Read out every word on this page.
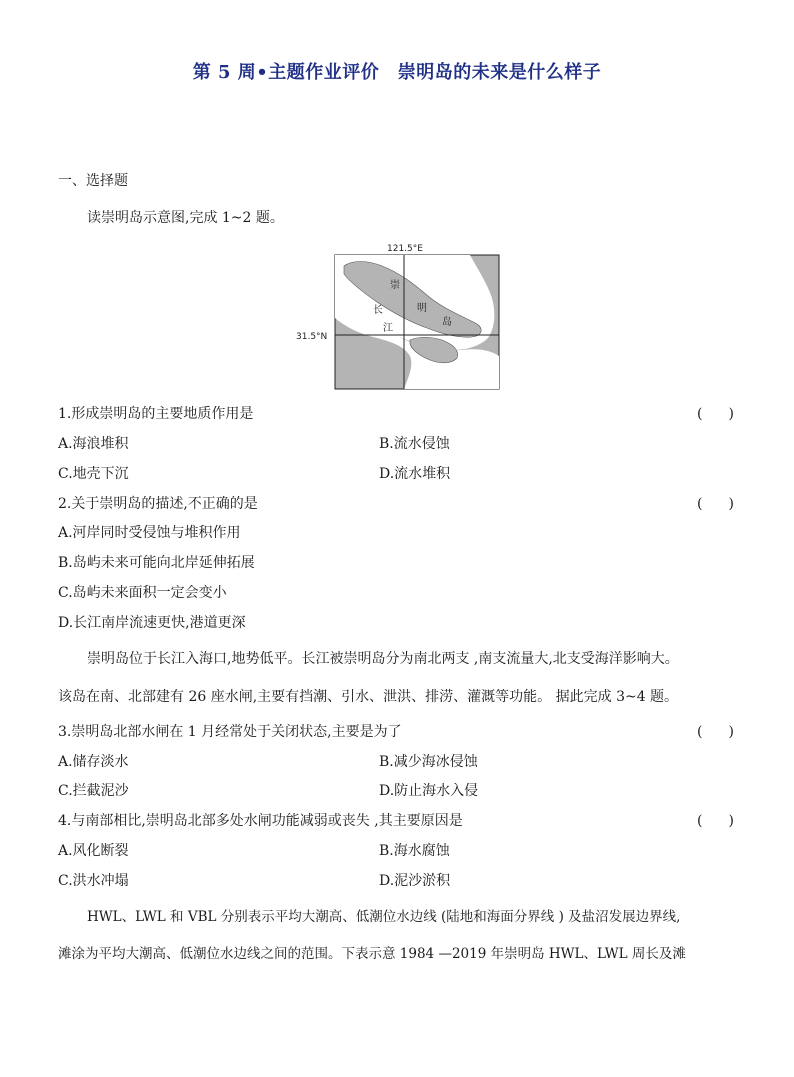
第 5 周•主题作业评价　崇明岛的未来是什么样子
一、选择题
读崇明岛示意图,完成 1~2 题。
121.5°E
31.5°N
崇
明
岛
长
江
1.形成崇明岛的主要地质作用是	(　)
A.海浪堆积	B.流水侵蚀
C.地壳下沉	D.流水堆积
2.关于崇明岛的描述,不正确的是	(　)
A.河岸同时受侵蚀与堆积作用
B.岛屿未来可能向北岸延伸拓展
C.岛屿未来面积一定会变小
D.长江南岸流速更快,港道更深
崇明岛位于长江入海口,地势低平。长江被崇明岛分为南北两支 ,南支流量大,北支受海洋影响大。
该岛在南、北部建有 26 座水闸,主要有挡潮、引水、泄洪、排涝、灌溉等功能。 据此完成 3~4 题。
3.崇明岛北部水闸在 1 月经常处于关闭状态,主要是为了	(　)
A.储存淡水	B.减少海冰侵蚀
C.拦截泥沙	D.防止海水入侵
4.与南部相比,崇明岛北部多处水闸功能减弱或丧失 ,其主要原因是	(　)
A.风化断裂	B.海水腐蚀
C.洪水冲塌	D.泥沙淤积
HWL、LWL 和 VBL 分别表示平均大潮高、低潮位水边线 (陆地和海面分界线 ) 及盐沼发展边界线,
滩涂为平均大潮高、低潮位水边线之间的范围。下表示意 1984 —2019 年崇明岛 HWL、LWL 周长及滩
